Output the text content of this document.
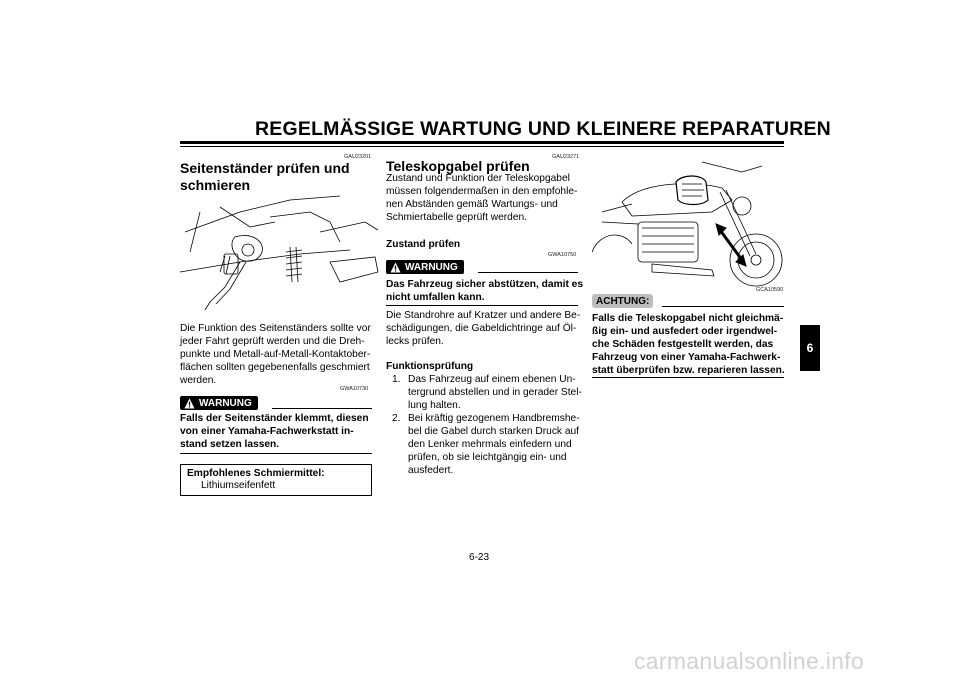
REGELMÄSSIGE WARTUNG UND KLEINERE REPARATUREN
6
GAU23201
Seitenständer prüfen und
schmieren
Die Funktion des Seitenständers sollte vor
jeder Fahrt geprüft werden und die Dreh-
punkte und Metall-auf-Metall-Kontaktober-
flächen sollten gegebenenfalls geschmiert
werden.
GWA10730
WARNUNG
Falls der Seitenständer klemmt, diesen
von einer Yamaha-Fachwerkstatt in-
stand setzen lassen.
Empfohlenes Schmiermittel:
Lithiumseifenfett
GAU23271
Teleskopgabel prüfen
Zustand und Funktion der Teleskopgabel
müssen folgendermaßen in den empfohle-
nen Abständen gemäß Wartungs- und
Schmiertabelle geprüft werden.
Zustand prüfen
GWA10750
WARNUNG
Das Fahrzeug sicher abstützen, damit es
nicht umfallen kann.
Die Standrohre auf Kratzer und andere Be-
schädigungen, die Gabeldichtringe auf Öl-
lecks prüfen.
Funktionsprüfung
1. Das Fahrzeug auf einem ebenen Un-
tergrund abstellen und in gerader Stel-
lung halten.
2. Bei kräftig gezogenem Handbremshe-
bel die Gabel durch starken Druck auf
den Lenker mehrmals einfedern und
prüfen, ob sie leichtgängig ein- und
ausfedert.
GCA10590
ACHTUNG:
Falls die Teleskopgabel nicht gleichmä-
ßig ein- und ausfedert oder irgendwel-
che Schäden festgestellt werden, das
Fahrzeug von einer Yamaha-Fachwerk-
statt überprüfen bzw. reparieren lassen.
6-23
carmanualsonline.info
